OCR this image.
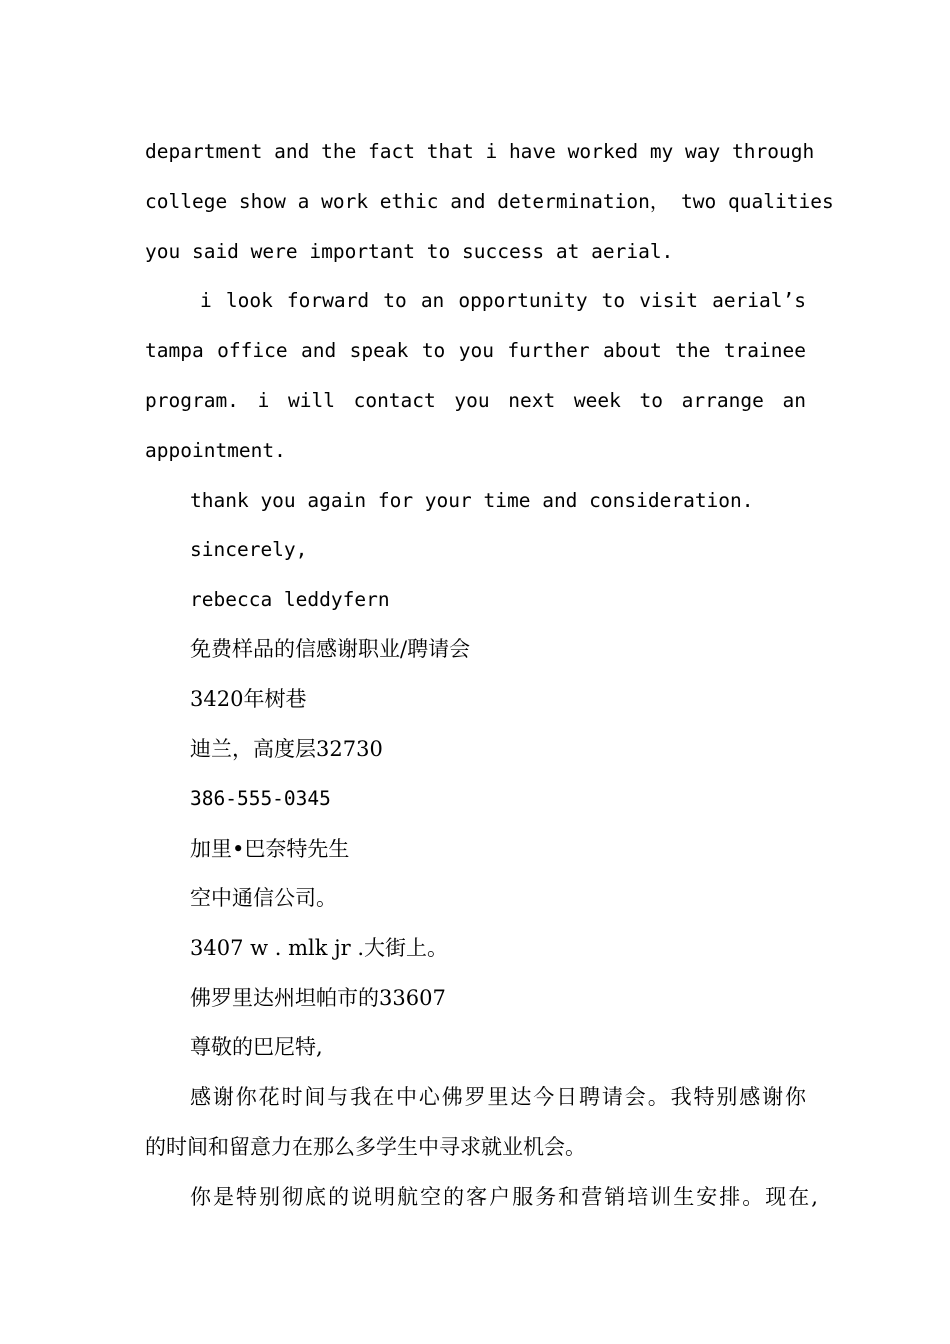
department and the fact that i have worked my way through
college show a work ethic and determination， two qualities
you said were important to success at aerial.
i look forward to an opportunity to visit aerial’s
tampa office and speak to you further about the trainee
program. i will contact you next week to arrange an
appointment.
thank you again for your time and consideration.
sincerely,
rebecca leddyfern
免费样品的信感谢职业/聘请会
3420年树巷
迪兰，高度层32730
386-555-0345
加里•巴奈特先生
空中通信公司。
3407 w . mlk jr .大街上。
佛罗里达州坦帕市的33607
尊敬的巴尼特,
感谢你花时间与我在中心佛罗里达今日聘请会。我特别感谢你
的时间和留意力在那么多学生中寻求就业机会。
你是特别彻底的说明航空的客户服务和营销培训生安排。现在,
